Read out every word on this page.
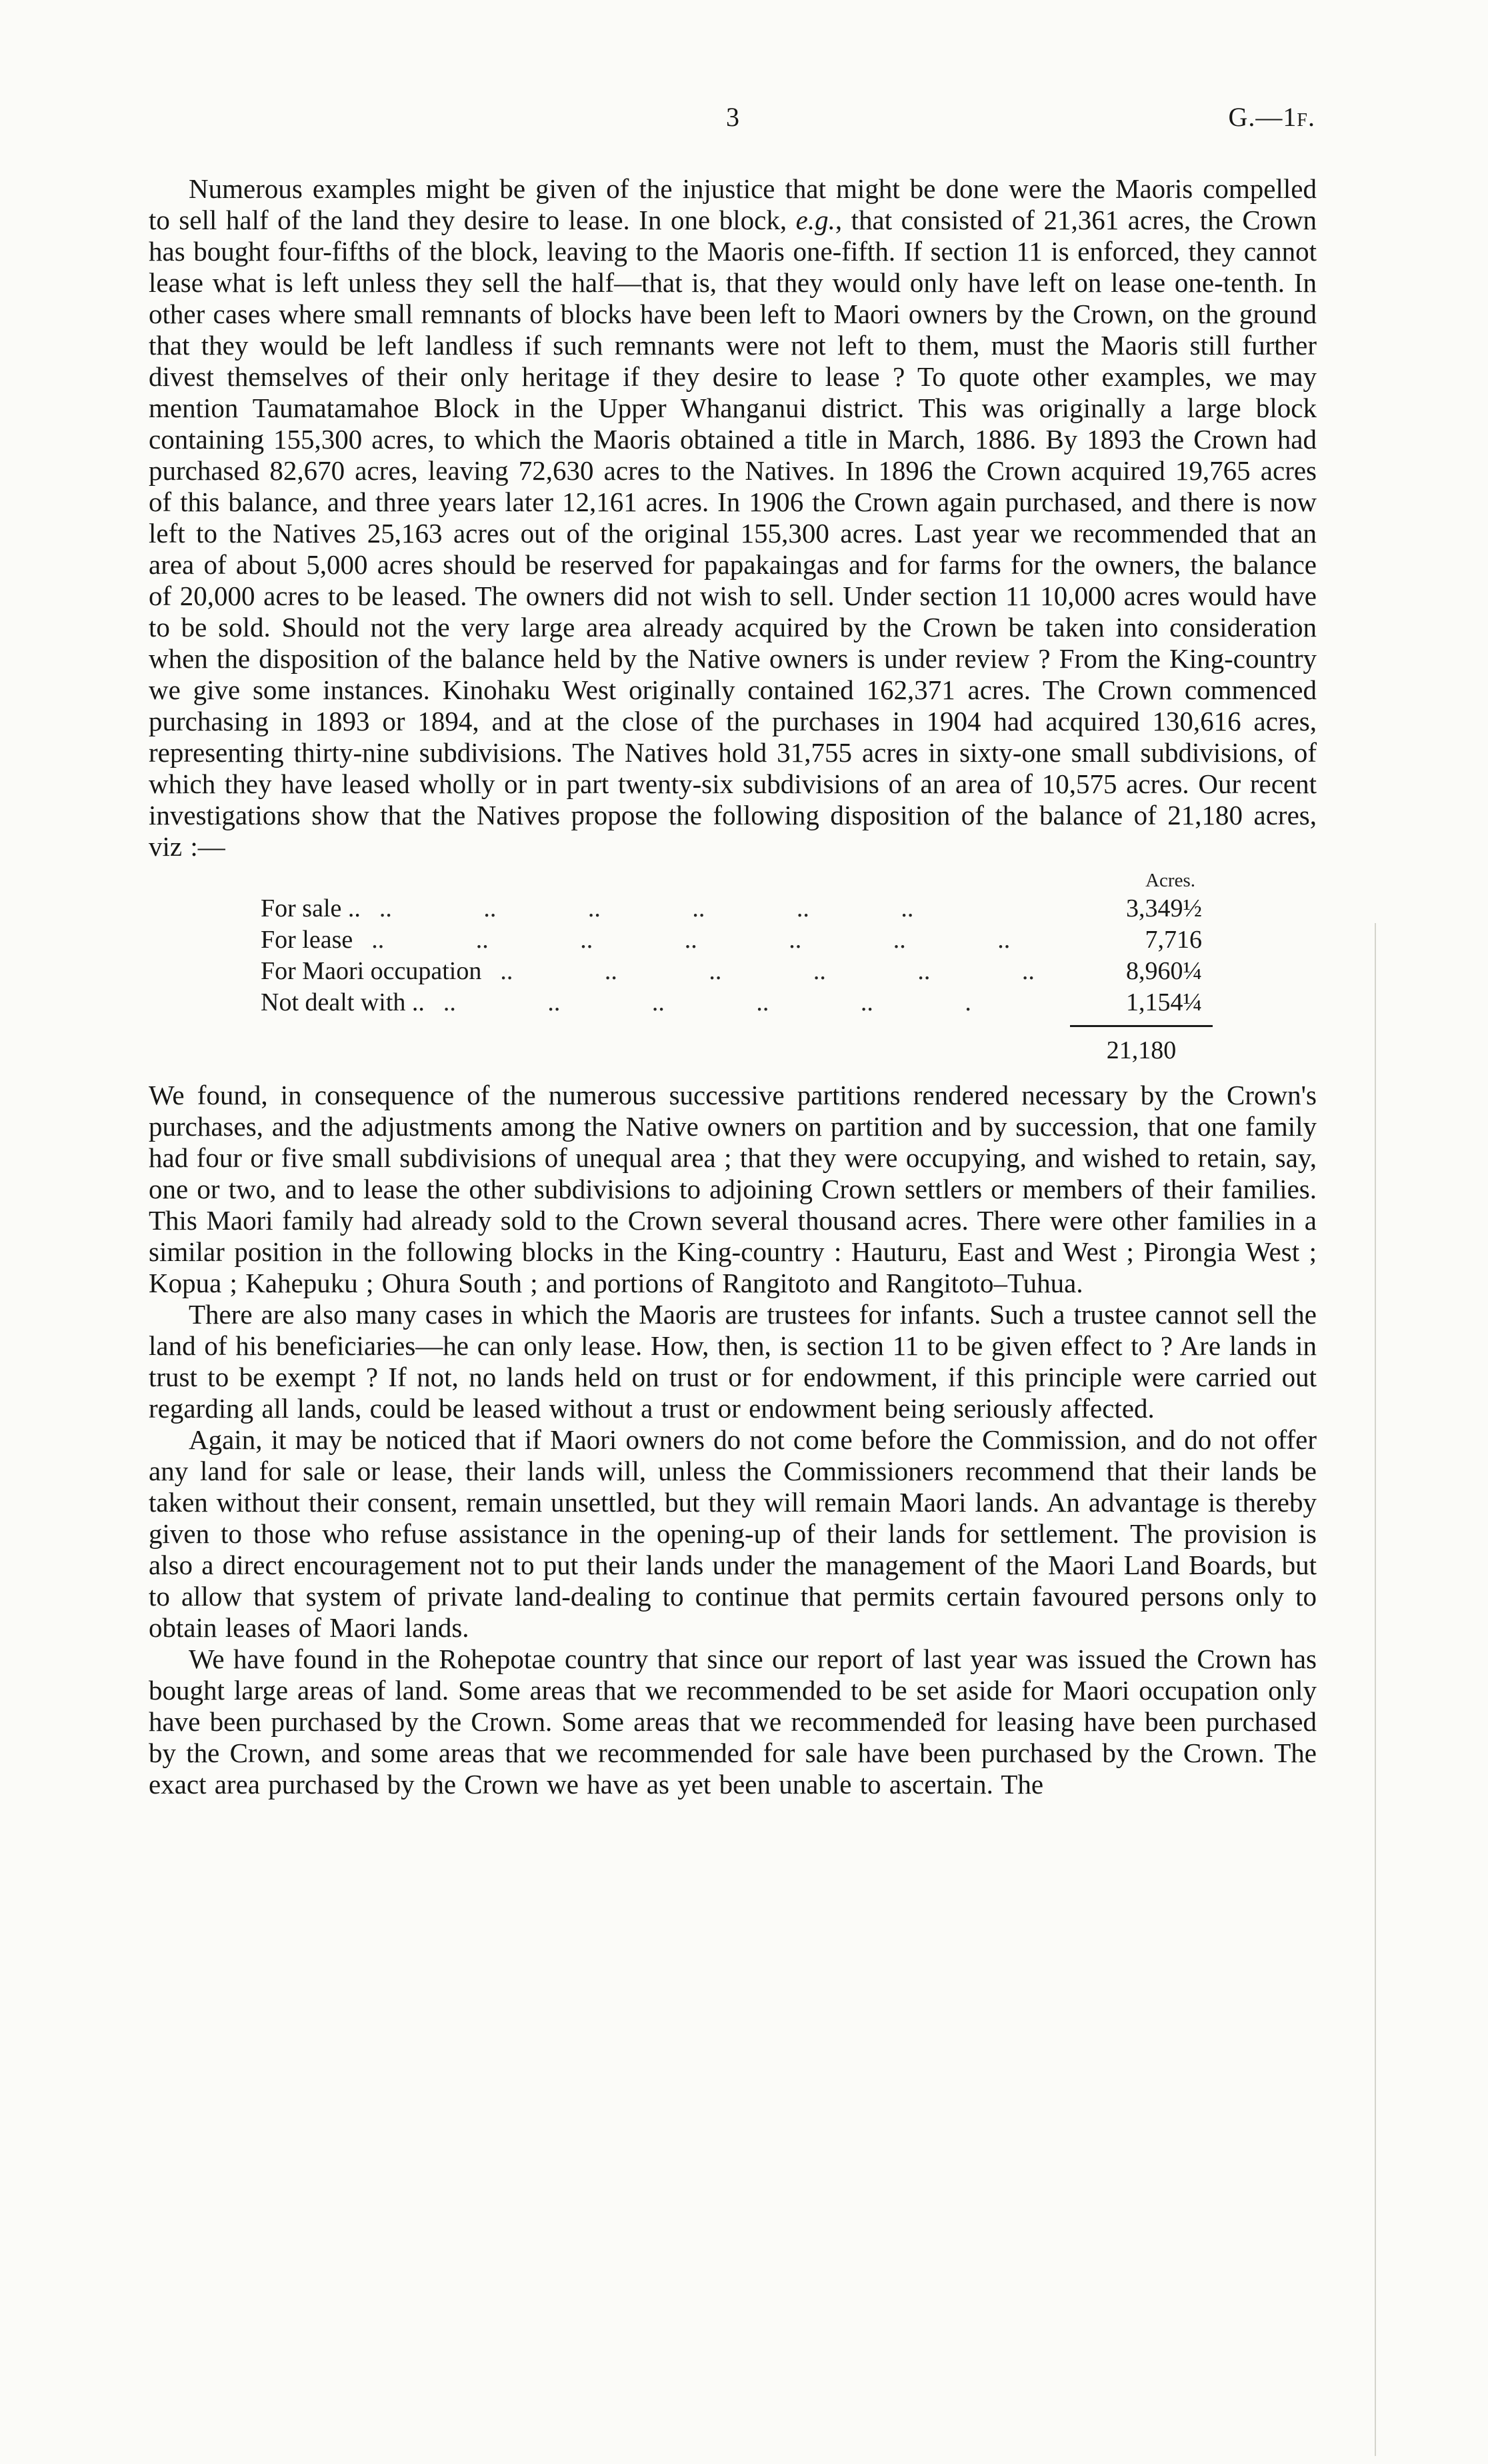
3	G.—1f.

Numerous examples might be given of the injustice that might be done were the Maoris compelled to sell half of the land they desire to lease. In one block, e.g., that consisted of 21,361 acres, the Crown has bought four-fifths of the block, leaving to the Maoris one-fifth. If section 11 is enforced, they cannot lease what is left unless they sell the half—that is, that they would only have left on lease one-tenth. In other cases where small remnants of blocks have been left to Maori owners by the Crown, on the ground that they would be left landless if such remnants were not left to them, must the Maoris still further divest themselves of their only heritage if they desire to lease ? To quote other examples, we may mention Taumatamahoe Block in the Upper Whanganui district. This was originally a large block containing 155,300 acres, to which the Maoris obtained a title in March, 1886. By 1893 the Crown had purchased 82,670 acres, leaving 72,630 acres to the Natives. In 1896 the Crown acquired 19,765 acres of this balance, and three years later 12,161 acres. In 1906 the Crown again purchased, and there is now left to the Natives 25,163 acres out of the original 155,300 acres. Last year we recommended that an area of about 5,000 acres should be reserved for papakaingas and for farms for the owners, the balance of 20,000 acres to be leased. The owners did not wish to sell. Under section 11 10,000 acres would have to be sold. Should not the very large area already acquired by the Crown be taken into consideration when the disposition of the balance held by the Native owners is under review ? From the King-country we give some instances. Kinohaku West originally contained 162,371 acres. The Crown commenced purchasing in 1893 or 1894, and at the close of the purchases in 1904 had acquired 130,616 acres, representing thirty-nine subdivisions. The Natives hold 31,755 acres in sixty-one small subdivisions, of which they have leased wholly or in part twenty-six subdivisions of an area of 10,575 acres. Our recent investigations show that the Natives propose the following disposition of the balance of 21,180 acres, viz :—

Acres.
For sale .. .. .. .. .. .. ..	3,349½
For lease .. .. .. .. .. .. ..	7,716
For Maori occupation .. .. .. .. .. ..	8,960¼
Not dealt with .. .. .. .. .. .. .	1,154¼
21,180

We found, in consequence of the numerous successive partitions rendered necessary by the Crown's purchases, and the adjustments among the Native owners on partition and by succession, that one family had four or five small subdivisions of unequal area ; that they were occupying, and wished to retain, say, one or two, and to lease the other subdivisions to adjoining Crown settlers or members of their families. This Maori family had already sold to the Crown several thousand acres. There were other families in a similar position in the following blocks in the King-country : Hauturu, East and West ; Pirongia West ; Kopua ; Kahepuku ; Ohura South ; and portions of Rangitoto and Rangitoto–Tuhua.

There are also many cases in which the Maoris are trustees for infants. Such a trustee cannot sell the land of his beneficiaries—he can only lease. How, then, is section 11 to be given effect to ? Are lands in trust to be exempt ? If not, no lands held on trust or for endowment, if this principle were carried out regarding all lands, could be leased without a trust or endowment being seriously affected.

Again, it may be noticed that if Maori owners do not come before the Commission, and do not offer any land for sale or lease, their lands will, unless the Commissioners recommend that their lands be taken without their consent, remain unsettled, but they will remain Maori lands. An advantage is thereby given to those who refuse assistance in the opening-up of their lands for settlement. The provision is also a direct encouragement not to put their lands under the management of the Maori Land Boards, but to allow that system of private land-dealing to continue that permits certain favoured persons only to obtain leases of Maori lands.

We have found in the Rohepotae country that since our report of last year was issued the Crown has bought large areas of land. Some areas that we recommended to be set aside for Maori occupation only have been purchased by the Crown. Some areas that we recommendeḋ for leasing have been purchased by the Crown, and some areas that we recommended for sale have been purchased by the Crown. The exact area purchased by the Crown we have as yet been unable to ascertain. The
